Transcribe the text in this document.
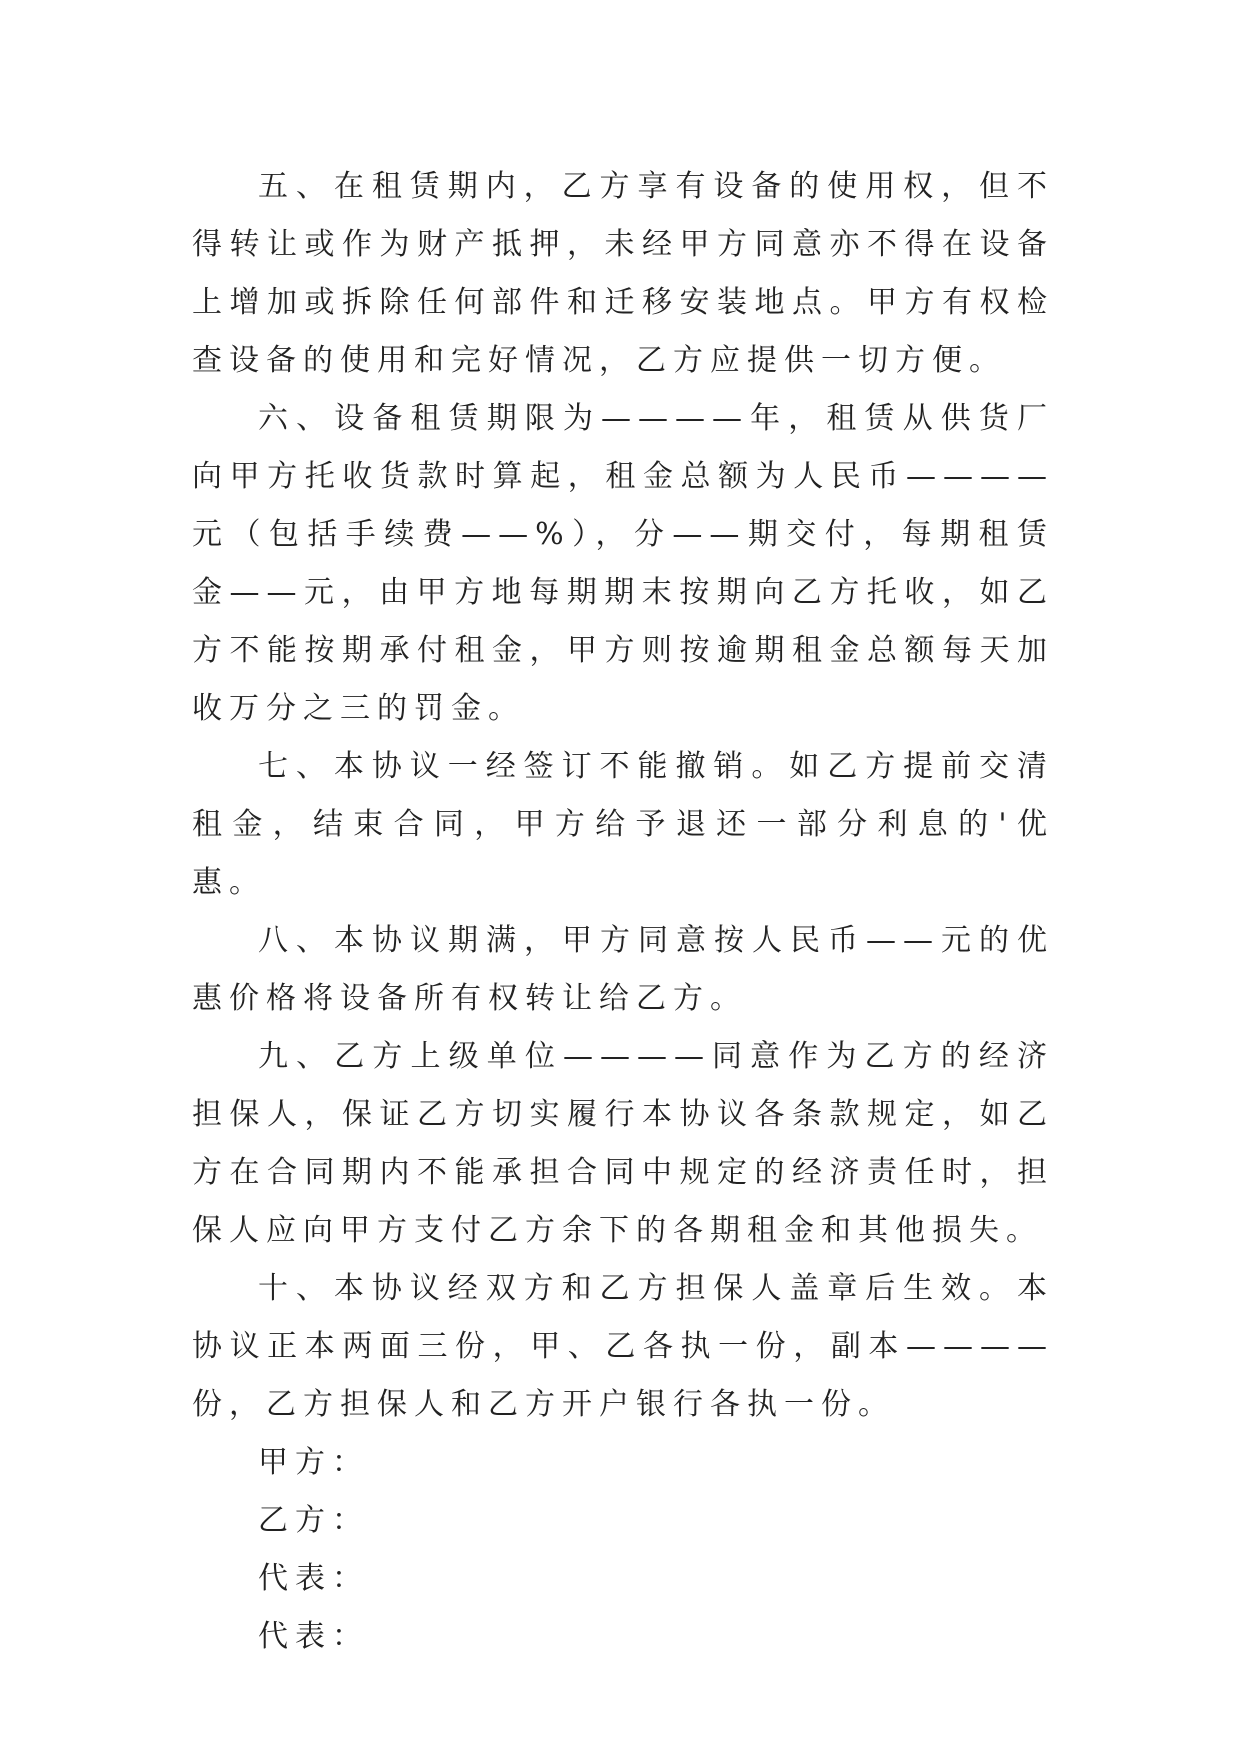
五、在租赁期内，乙方享有设备的使用权，但不得转让或作为财产抵押，未经甲方同意亦不得在设备上增加或拆除任何部件和迁移安装地点。甲方有权检查设备的使用和完好情况，乙方应提供一切方便。

六、设备租赁期限为————年，租赁从供货厂向甲方托收货款时算起，租金总额为人民币————元（包括手续费——%），分——期交付，每期租赁金——元，由甲方地每期期末按期向乙方托收，如乙方不能按期承付租金，甲方则按逾期租金总额每天加收万分之三的罚金。

七、本协议一经签订不能撤销。如乙方提前交清租金，结束合同，甲方给予退还一部分利息的'优惠。

八、本协议期满，甲方同意按人民币——元的优惠价格将设备所有权转让给乙方。

九、乙方上级单位————同意作为乙方的经济担保人，保证乙方切实履行本协议各条款规定，如乙方在合同期内不能承担合同中规定的经济责任时，担保人应向甲方支付乙方余下的各期租金和其他损失。

十、本协议经双方和乙方担保人盖章后生效。本协议正本两面三份，甲、乙各执一份，副本————份，乙方担保人和乙方开户银行各执一份。

甲方：

乙方：

代表：

代表：
